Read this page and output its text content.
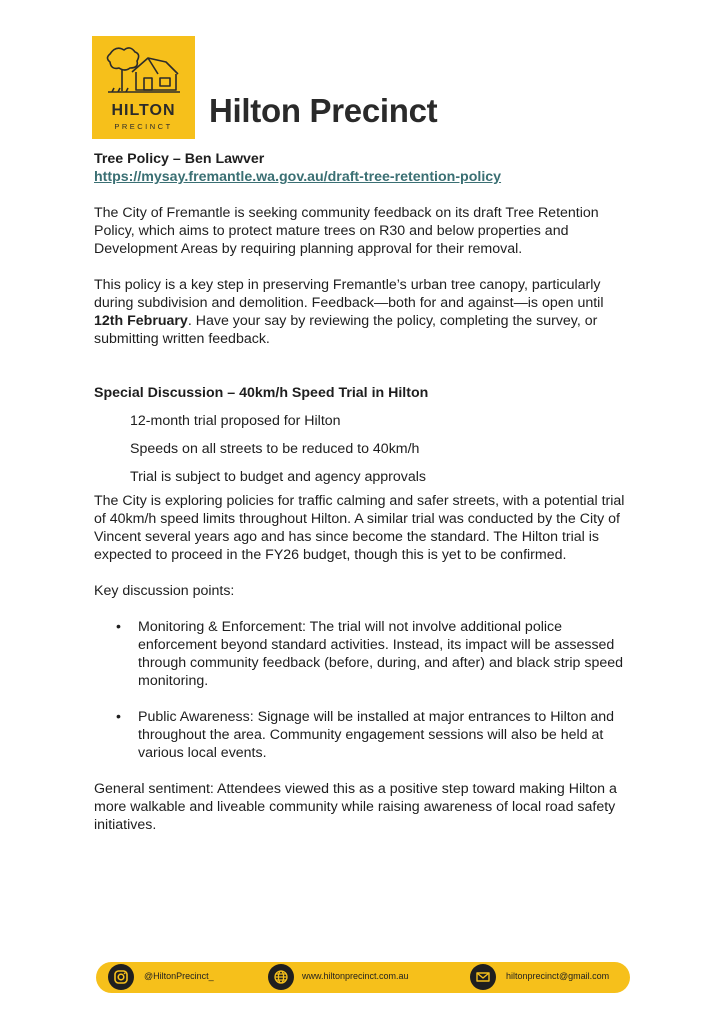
HILTON
PRECINCT	Hilton Precinct

Tree Policy – Ben Lawver

https://mysay.fremantle.wa.gov.au/draft-tree-retention-policy

The City of Fremantle is seeking community feedback on its draft Tree Retention Policy, which aims to protect mature trees on R30 and below properties and Development Areas by requiring planning approval for their removal.

This policy is a key step in preserving Fremantle’s urban tree canopy, particularly during subdivision and demolition. Feedback—both for and against—is open until 12th February. Have your say by reviewing the policy, completing the survey, or submitting written feedback.

Special Discussion – 40km/h Speed Trial in Hilton

12-month trial proposed for Hilton

Speeds on all streets to be reduced to 40km/h

Trial is subject to budget and agency approvals

The City is exploring policies for traffic calming and safer streets, with a potential trial of 40km/h speed limits throughout Hilton. A similar trial was conducted by the City of Vincent several years ago and has since become the standard. The Hilton trial is expected to proceed in the FY26 budget, though this is yet to be confirmed.

Key discussion points:

• Monitoring & Enforcement: The trial will not involve additional police enforcement beyond standard activities. Instead, its impact will be assessed through community feedback (before, during, and after) and black strip speed monitoring.
• Public Awareness: Signage will be installed at major entrances to Hilton and throughout the area. Community engagement sessions will also be held at various local events.

General sentiment: Attendees viewed this as a positive step toward making Hilton a more walkable and liveable community while raising awareness of local road safety initiatives.

@HiltonPrecinct_	www.hiltonprecinct.com.au	hiltonprecinct@gmail.com
